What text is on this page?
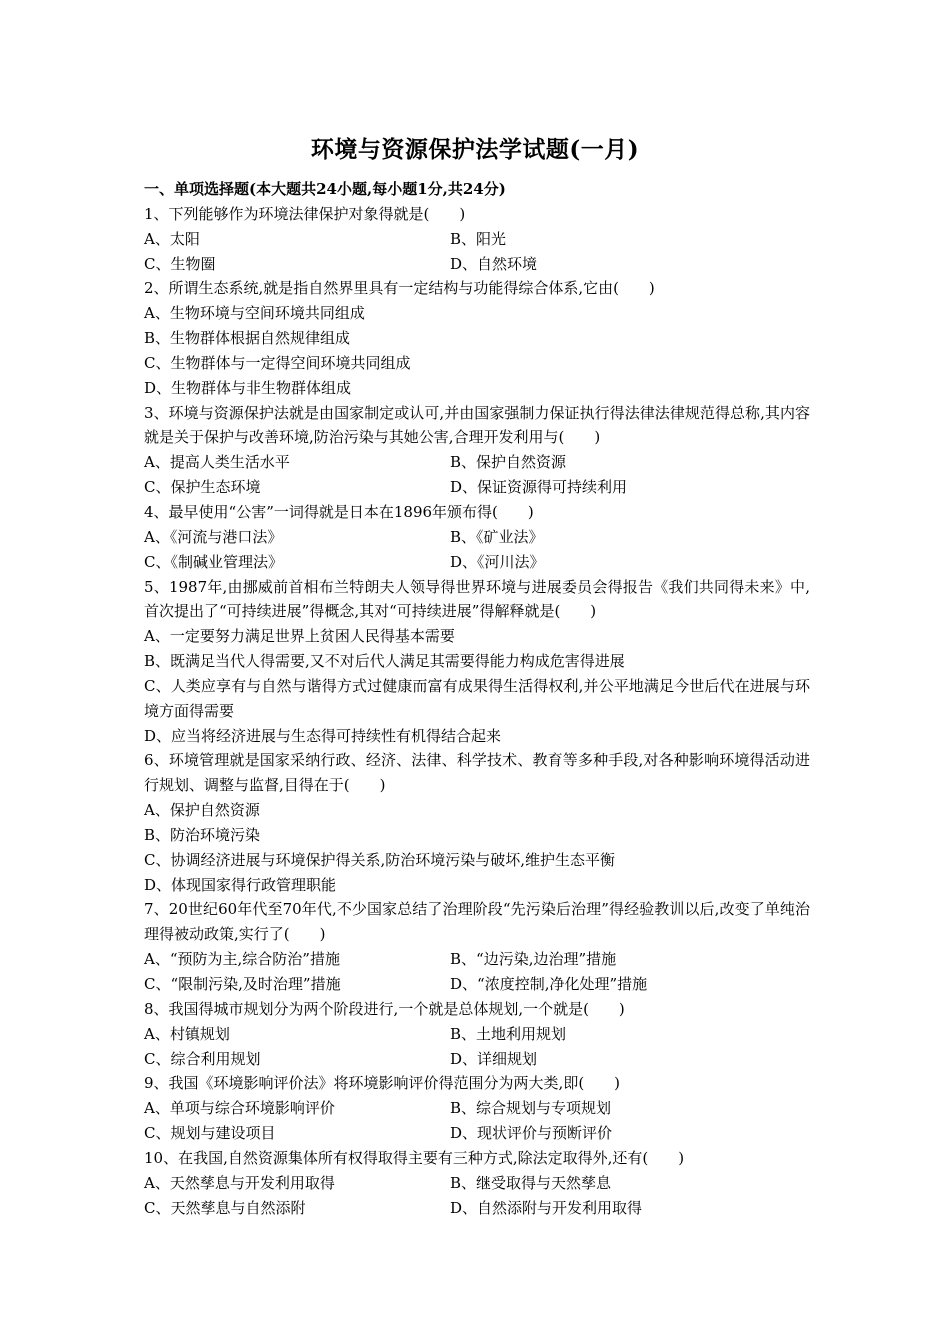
环境与资源保护法学试题(一月)
一、单项选择题(本大题共24小题,每小题1分,共24分)
1、下列能够作为环境法律保护对象得就是(　　)
A、太阳	B、阳光
C、生物圈	D、自然环境
2、所谓生态系统,就是指自然界里具有一定结构与功能得综合体系,它由(　　)
A、生物环境与空间环境共同组成
B、生物群体根据自然规律组成
C、生物群体与一定得空间环境共同组成
D、生物群体与非生物群体组成
3、环境与资源保护法就是由国家制定或认可,并由国家强制力保证执行得法律法律规范得总称,其内容就是关于保护与改善环境,防治污染与其她公害,合理开发利用与(　　)
A、提高人类生活水平	B、保护自然资源
C、保护生态环境	D、保证资源得可持续利用
4、最早使用“公害”一词得就是日本在1896年颁布得(　　)
A、《河流与港口法》	B、《矿业法》
C、《制碱业管理法》	D、《河川法》
5、1987年,由挪威前首相布兰特朗夫人领导得世界环境与进展委员会得报告《我们共同得未来》中,首次提出了“可持续进展”得概念,其对“可持续进展”得解释就是(　　)
A、一定要努力满足世界上贫困人民得基本需要
B、既满足当代人得需要,又不对后代人满足其需要得能力构成危害得进展
C、人类应享有与自然与谐得方式过健康而富有成果得生活得权利,并公平地满足今世后代在进展与环境方面得需要
D、应当将经济进展与生态得可持续性有机得结合起来
6、环境管理就是国家采纳行政、经济、法律、科学技术、教育等多种手段,对各种影响环境得活动进行规划、调整与监督,目得在于(　　)
A、保护自然资源
B、防治环境污染
C、协调经济进展与环境保护得关系,防治环境污染与破坏,维护生态平衡
D、体现国家得行政管理职能
7、20世纪60年代至70年代,不少国家总结了治理阶段“先污染后治理”得经验教训以后,改变了单纯治理得被动政策,实行了(　　)
A、“预防为主,综合防治”措施	B、“边污染,边治理”措施
C、“限制污染,及时治理”措施	D、“浓度控制,净化处理”措施
8、我国得城市规划分为两个阶段进行,一个就是总体规划,一个就是(　　)
A、村镇规划	B、土地利用规划
C、综合利用规划	D、详细规划
9、我国《环境影响评价法》将环境影响评价得范围分为两大类,即(　　)
A、单项与综合环境影响评价	B、综合规划与专项规划
C、规划与建设项目	D、现状评价与预断评价
10、在我国,自然资源集体所有权得取得主要有三种方式,除法定取得外,还有(　　)
A、天然孳息与开发利用取得	B、继受取得与天然孳息
C、天然孳息与自然添附	D、自然添附与开发利用取得
